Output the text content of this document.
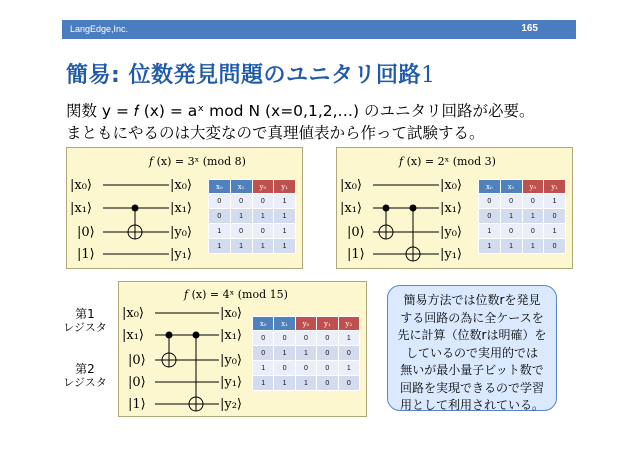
LangEdge,Inc.	165
簡易: 位数発見問題のユニタリ回路1
関数 y = 𝑓 (x) = aˣ mod N (x=0,1,2,…) のユニタリ回路が必要。
まともにやるのは大変なので真理値表から作って試験する。
𝑓 (x) = 3ˣ (mod 8)
|x₀⟩
|x₁⟩
|0⟩
|1⟩
|x₀⟩
|x₁⟩
|y₀⟩
|y₁⟩
x₀	x₁	y₀	y₁
0	0	0	1
0	1	1	1
1	0	0	1
1	1	1	1
𝑓 (x) = 2ˣ (mod 3)
|x₀⟩
|x₁⟩
|0⟩
|1⟩
|x₀⟩
|x₁⟩
|y₀⟩
|y₁⟩
x₀	x₁	y₀	y₁
0	0	0	1
0	1	1	0
1	0	0	1
1	1	1	0
第1
レジスタ
第2
レジスタ
𝑓 (x) = 4ˣ (mod 15)
|x₀⟩
|x₁⟩
|0⟩
|0⟩
|1⟩
|x₀⟩
|x₁⟩
|y₀⟩
|y₁⟩
|y₂⟩
x₀	x₁	y₀	y₁	y₂
0	0	0	0	1
0	1	1	0	0
1	0	0	0	1
1	1	1	0	0

簡易方法では位数rを発見

する回路の為に全ケースを

先に計算（位数rは明確）を

しているので実用的では

無いが最小量子ビット数で

回路を実現できるので学習

用として利用されている。
